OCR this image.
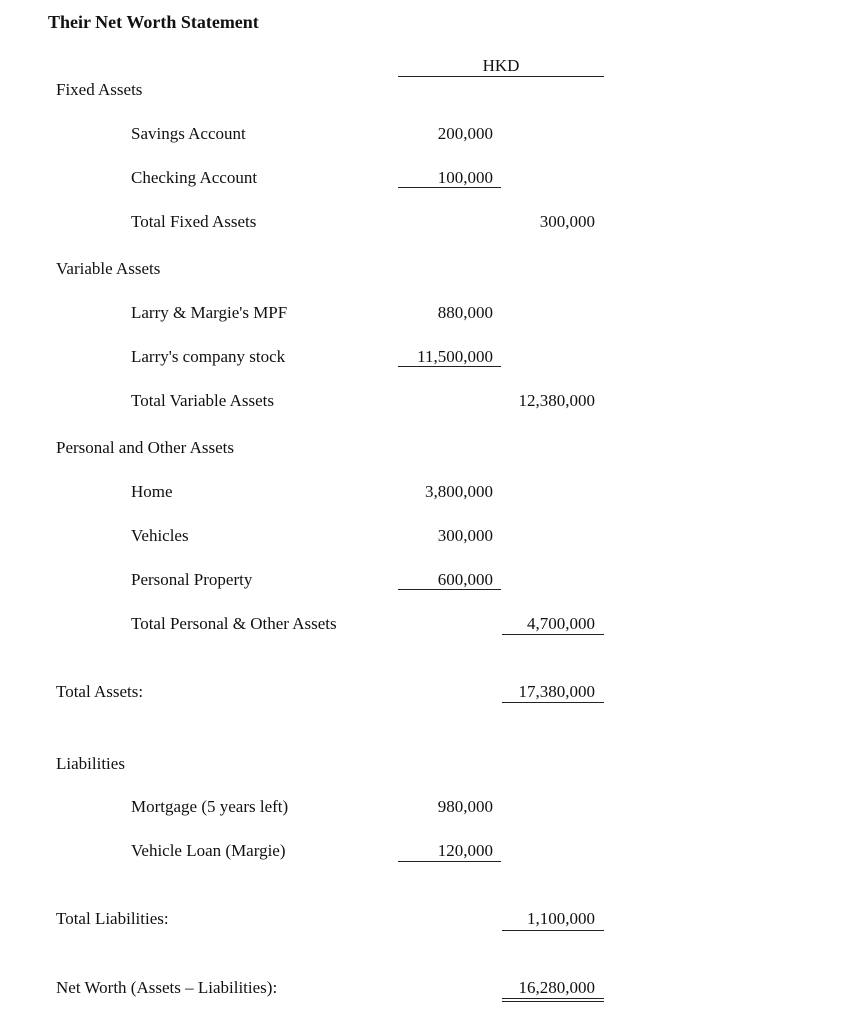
Their Net Worth Statement
HKD
Fixed Assets
Savings Account	200,000
Checking Account	100,000
Total Fixed Assets	300,000
Variable Assets
Larry & Margie's MPF	880,000
Larry's company stock	11,500,000
Total Variable Assets	12,380,000
Personal and Other Assets
Home	3,800,000
Vehicles	300,000
Personal Property	600,000
Total Personal & Other Assets	4,700,000
Total Assets:	17,380,000
Liabilities
Mortgage (5 years left)	980,000
Vehicle Loan (Margie)	120,000
Total Liabilities:	1,100,000
Net Worth (Assets – Liabilities):	16,280,000
